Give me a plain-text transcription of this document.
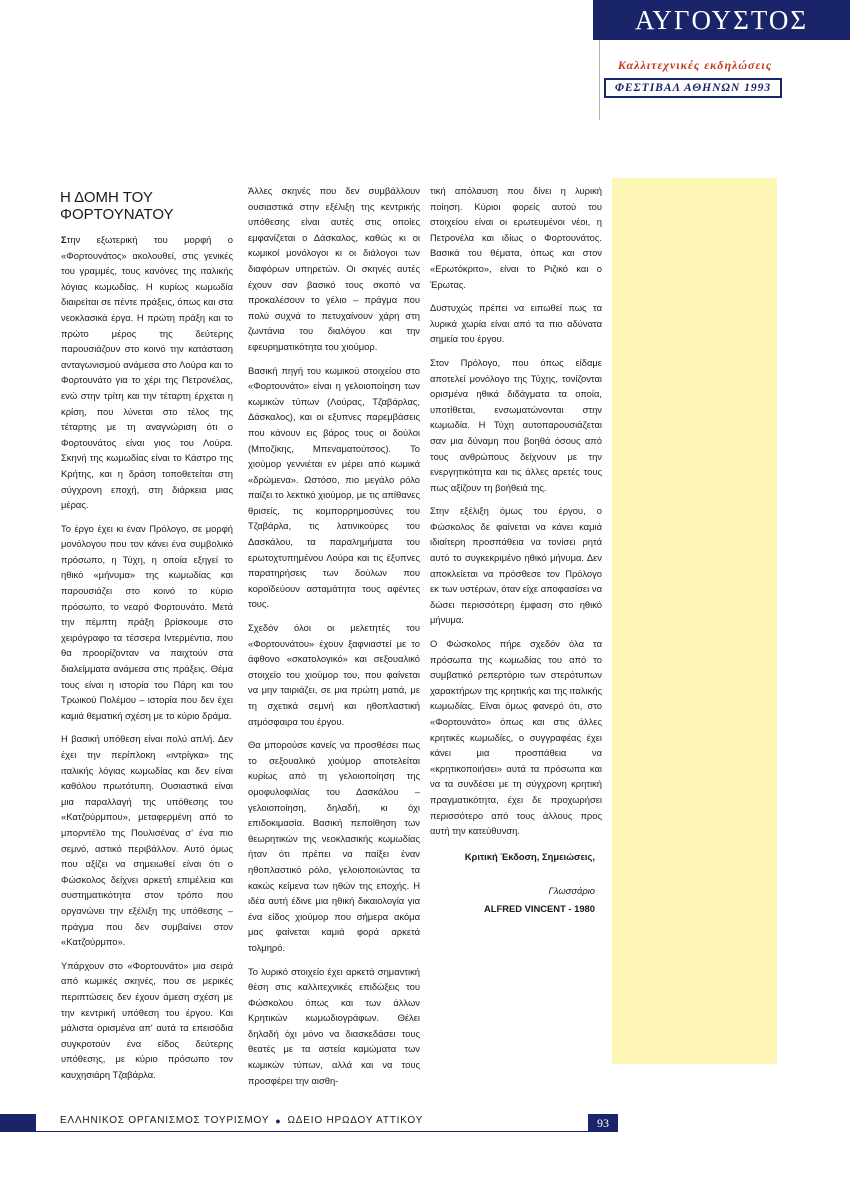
ΑΥΓΟΥΣΤΟΣ
Καλλιτεχνικές εκδηλώσεις
ΦΕΣΤΙΒΑΛ ΑΘΗΝΩΝ 1993
Η ΔΟΜΗ ΤΟΥ
ΦΟΡΤΟΥΝΑΤΟΥ

Στην εξωτερική του μορφή ο «Φορτουνάτος» ακολουθεί, στις γενικές του γραμμές, τους κανόνες της ιταλικής λόγιας κωμωδίας. Η κυρίως κωμωδία διαιρείται σε πέντε πράξεις, όπως και στα νεοκλασικά έργα. Η πρώτη πράξη και το πρώτο μέρος της δεύτερης παρουσιάζουν στο κοινό την κατάσταση ανταγωνισμού ανάμεσα στο Λούρα και το Φορτουνάτο για το χέρι της Πετρονέλας, ενώ στην τρίτη και την τέταρτη έρχεται η κρίση, που λύνεται στο τέλος της τέταρτης με τη αναγνώριση ότι ο Φορτουνάτος είναι γιος του Λούρα. Σκηνή της κωμωδίας είναι το Κάστρο της Κρήτης, και η δράση τοποθετείται στη σύγχρονη εποχή, στη διάρκεια μιας μέρας.

Το έργο έχει κι έναν Πρόλογο, σε μορφή μονόλογου που τον κάνει ένα συμβολικό πρόσωπο, η Τύχη, η οποία εξηγεί το ηθικό «μήνυμα» της κωμωδίας και παρουσιάζει στο κοινό το κύριο πρόσωπο, το νεαρό Φορτουνάτο. Μετά την πέμπτη πράξη βρίσκουμε στο χειρόγραφο τα τέσσερα Ιντερμέντια, που θα προορίζονταν να παιχτούν στα διαλείμματα ανάμεσα στις πράξεις. Θέμα τους είναι η ιστορία του Πάρη και του Τρωικού Πολέμου – ιστορία που δεν έχει καμιά θεματική σχέση με το κύριο δράμα.

Η βασική υπόθεση είναι πολύ απλή. Δεν έχει την περίπλοκη «ιντρίγκα» της ιταλικής λόγιας κωμωδίας και δεν είναι καθόλου πρωτότυπη. Ουσιαστικά είναι μια παραλλαγή της υπόθεσης του «Κατζούρμπου», μεταφερμένη από το μπορντέλο της Πουλισένας σ' ένα πιο σεμνό, αστικό περιβάλλον. Αυτό όμως που αξίζει να σημειωθεί είναι ότι ο Φώσκολος δείχνει αρκετή επιμέλεια και συστηματικότητα στον τρόπο που οργανώνει την εξέλιξη της υπόθεσης – πράγμα που δεν συμβαίνει στον «Κατζούρμπο».

Υπάρχουν στο «Φορτουνάτο» μια σειρά από κωμικές σκηνές, που σε μερικές περιπτώσεις δεν έχουν άμεση σχέση με την κεντρική υπόθεση του έργου. Και μάλιστα ορισμένα απ' αυτά τα επεισόδια συγκροτούν ένα είδος δεύτερης υπόθεσης, με κύριο πρόσωπο τον καυχησιάρη Τζαβάρλα.

Άλλες σκηνές που δεν συμβάλλουν ουσιαστικά στην εξέλιξη της κεντρικής υπόθεσης είναι αυτές στις οποίες εμφανίζεται ο Δάσκαλος, καθώς κι οι κωμικοί μονόλογοι κι οι διάλογοι των διαφόρων υπηρετών. Οι σκηνές αυτές έχουν σαν βασικό τους σκοπό να προκαλέσουν το γέλιο – πράγμα που πολύ συχνά το πετυχαίνουν χάρη στη ζωντάνια του διαλόγου και την εφευρηματικότητα του χιούμορ.

Βασική πηγή του κωμικού στοιχείου στο «Φορτουνάτο» είναι η γελοιοποίηση των κωμικών τύπων (Λούρας, Τζαβάρλας, Δάσκαλος), και οι εξυπνες παρεμβάσεις που κάνουν εις βάρος τους οι δούλοι (Μποζίκης, Μπεναματούτσος). Το χιούμορ γεννιέται εν μέρει από κωμικά «δρώμενα». Ωστόσο, πιο μεγάλο ρόλο παίζει το λεκτικό χιούμορ, με τις απίθανες θρισείς, τις κομπορρημοσύνες του Τζαβάρλα, τις λατινικούρες του Δασκάλου, τα παραλημήματα του ερωτοχτυπημένου Λούρα και τις έξυπνες παρατηρήσεις των δούλων που κοροϊδεύουν ασταμάτητα τους αφέντες τους.

Σχεδόν όλοι οι μελετητές του «Φορτουνάτου» έχουν ξαφνιαστεί με το άφθονο «σκατολογικό» και σεξουαλικό στοιχείο του χιούμορ του, που φαίνεται να μην ταιριάζει, σε μια πρώτη ματιά, με τη σχετικά σεμνή και ηθοπλαστική ατμόσφαιρα του έργου.

Θα μπορούσε κανείς να προσθέσει πως το σεξουαλικό χιούμορ αποτελείται κυρίως από τη γελοιοποίηση της ομοφυλοφιλίας του Δασκάλου – γελοιοποίηση, δηλαδή, κι όχι επιδοκιμασία. Βασική πεποίθηση των θεωρητικών της νεοκλασικής κωμωδίας ήταν ότι πρέπει να παίξει έναν ηθοπλαστικό ρόλο, γελοιοποιώντας τα κακώς κείμενα των ηθών της εποχής. Η ιδέα αυτή έδινε μια ηθική δικαιολογία για ένα είδος χιούμορ που σήμερα ακόμα μας φαίνεται καμιά φορά αρκετά τολμηρό.

Το λυρικό στοιχείο έχει αρκετά σημαντική θέση στις καλλιτεχνικές επιδώξεις του Φώσκολου όπως και των άλλων Κρητικών κωμωδιογράφων. Θέλει δηλαδή όχι μόνο να διασκεδάσει τους θεατές με τα αστεία καμώματα των κωμικών τύπων, αλλά και να τους προσφέρει την αισθη-

τική απόλαυση που δίνει η λυρική ποίηση. Κύριοι φορείς αυτού του στοιχείου είναι οι ερωτευμένοι νέοι, η Πετρονέλα και ιδίως ο Φορτουνάτος. Βασικά του θέματα, όπως και στον «Ερωτόκριτο», είναι το Ριζικό και ο Έρωτας.

Δυστυχώς πρέπει να ειπωθεί πως τα λυρικά χωρία είναι από τα πιο αδύνατα σημεία του έργου.

Στον Πρόλογο, που όπως είδαμε αποτελεί μονόλογο της Τύχης, τονίζονται ορισμένα ηθικά διδάγματα τα οποία, υποτίθεται, ενσωματώνονται στην κωμωδία. Η Τύχη αυτοπαρουσιάζεται σαν μια δύναμη που βοηθά όσους από τους ανθρώπους δείχνουν με την ενεργητικότητα και τις άλλες αρετές τους πως αξίζουν τη βοήθειά της.

Στην εξέλιξη όμως του έργου, ο Φώσκολος δε φαίνεται να κάνει καμιά ιδιαίτερη προσπάθεια να τονίσει ρητά αυτό το συγκεκριμένο ηθικό μήνυμα. Δεν αποκλείεται να πρόσθεσε τον Πρόλογο εκ των υστέρων, όταν είχε αποφασίσει να δώσει περισσότερη έμφαση στο ηθικό μήνυμα.

Ο Φώσκολος πήρε σχεδόν όλα τα πρόσωπα της κωμωδίας του από το συμβατικό ρεπερτόριο των στερότυπων χαρακτήρων της κρητικής και της ιταλικής κωμωδίας. Είναι όμως φανερό ότι, στο «Φορτουνάτο» όπως και στις άλλες κρητικές κωμωδίες, ο συγγραφέας έχει κάνει μια προσπάθεια να «κρητικοποιήσει» αυτά τα πρόσωπα και να τα συνδέσει με τη σύγχρονη κρητική πραγματικότητα, έχει δε προχωρήσει περισσότερο από τους άλλους προς αυτή την κατεύθυνση.

Κριτική Έκδοση, Σημειώσεις,
Γλωσσάριο
ALFRED VINCENT - 1980
ΕΛΛΗΝΙΚΟΣ ΟΡΓΑΝΙΣΜΟΣ ΤΟΥΡΙΣΜΟΥ ● ΩΔΕΙΟ ΗΡΩΔΟΥ ΑΤΤΙΚΟΥ	93
